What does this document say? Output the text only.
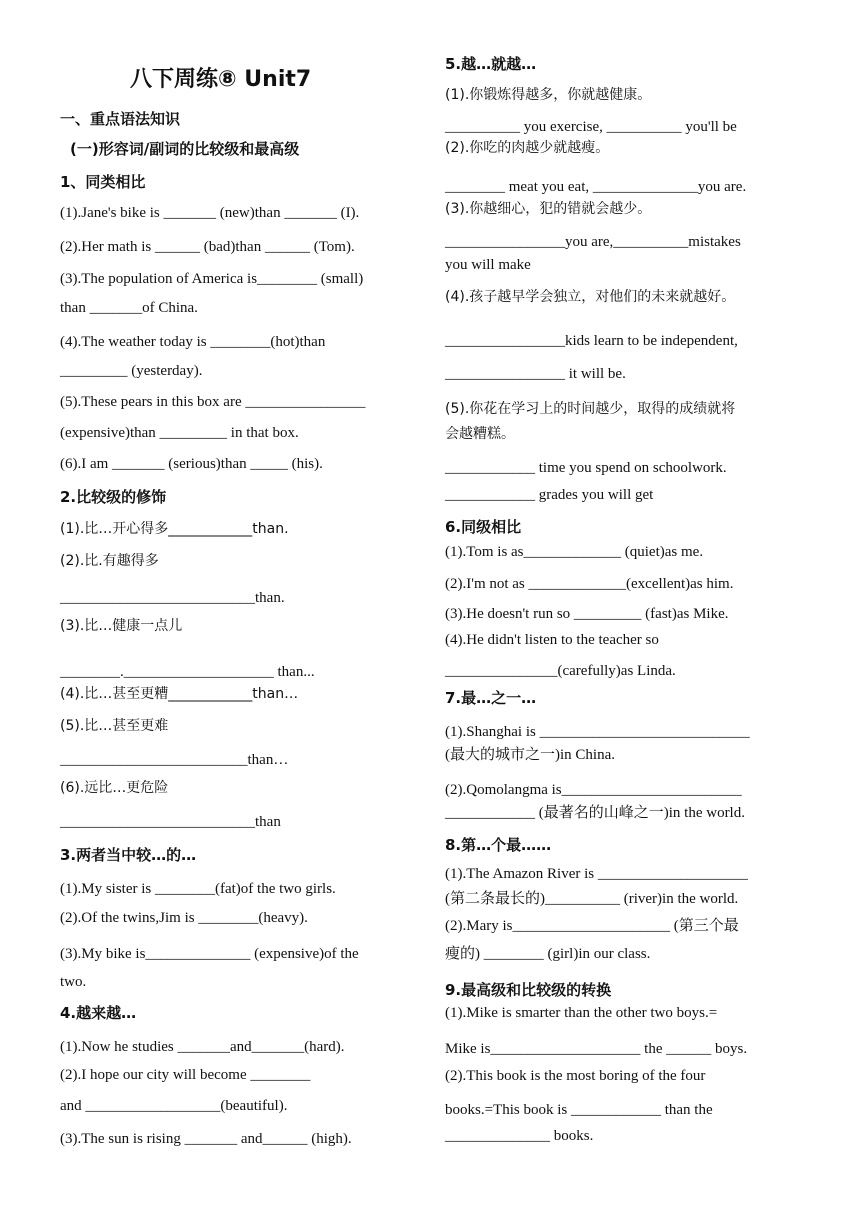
八下周练⑧ Unit7
一、重点语法知识
(一)形容词/副词的比较级和最高级
1、同类相比
(1).Jane's bike is _______ (new)than _______ (I).
(2).Her math is ______ (bad)than ______ (Tom).
(3).The population of America is________ (small)
than _______of China.
(4).The weather today is ________(hot)than
_________ (yesterday).
(5).These pears in this box are ________________
(expensive)than _________ in that box.
(6).I am _______ (serious)than _____ (his).
2.比较级的修饰
(1).比…开心得多____________than.
(2).比.有趣得多
__________________________than.
(3).比…健康一点儿
________.____________________ than...
(4).比…甚至更糟____________than…
(5).比…甚至更难
_________________________than…
(6).远比…更危险
__________________________than
3.两者当中较…的…
(1).My sister is ________(fat)of the two girls.
(2).Of the twins,Jim is ________(heavy).
(3).My bike is______________ (expensive)of the
two.
4.越来越…
(1).Now he studies _______and_______(hard).
(2).I hope our city will become ________
and __________________(beautiful).
(3).The sun is rising _______ and______ (high).
5.越…就越…
(1).你锻炼得越多，你就越健康。
__________ you exercise, __________ you'll be
(2).你吃的肉越少就越瘦。
________ meat you eat, ______________you are.
(3).你越细心，犯的错就会越少。
________________you are,__________mistakes
you will make
(4).孩子越早学会独立，对他们的未来就越好。
________________kids learn to be independent,
________________ it will be.
(5).你花在学习上的时间越少，取得的成绩就将
会越糟糕。
____________ time you spend on schoolwork.
____________ grades you will get
6.同级相比
(1).Tom is as_____________ (quiet)as me.
(2).I'm not as _____________(excellent)as him.
(3).He doesn't run so _________ (fast)as Mike.
(4).He didn't listen to the teacher so
_______________(carefully)as Linda.
7.最…之一…
(1).Shanghai is ____________________________
(最大的城市之一)in China.
(2).Qomolangma is________________________
____________ (最著名的山峰之一)in the world.
8.第…个最……
(1).The Amazon River is ____________________
(第二条最长的)__________ (river)in the world.
(2).Mary is_____________________ (第三个最
瘦的) ________ (girl)in our class.
9.最高级和比较级的转换
(1).Mike is smarter than the other two boys.=
Mike is____________________ the ______ boys.
(2).This book is the most boring of the four
books.=This book is ____________ than the
______________ books.
